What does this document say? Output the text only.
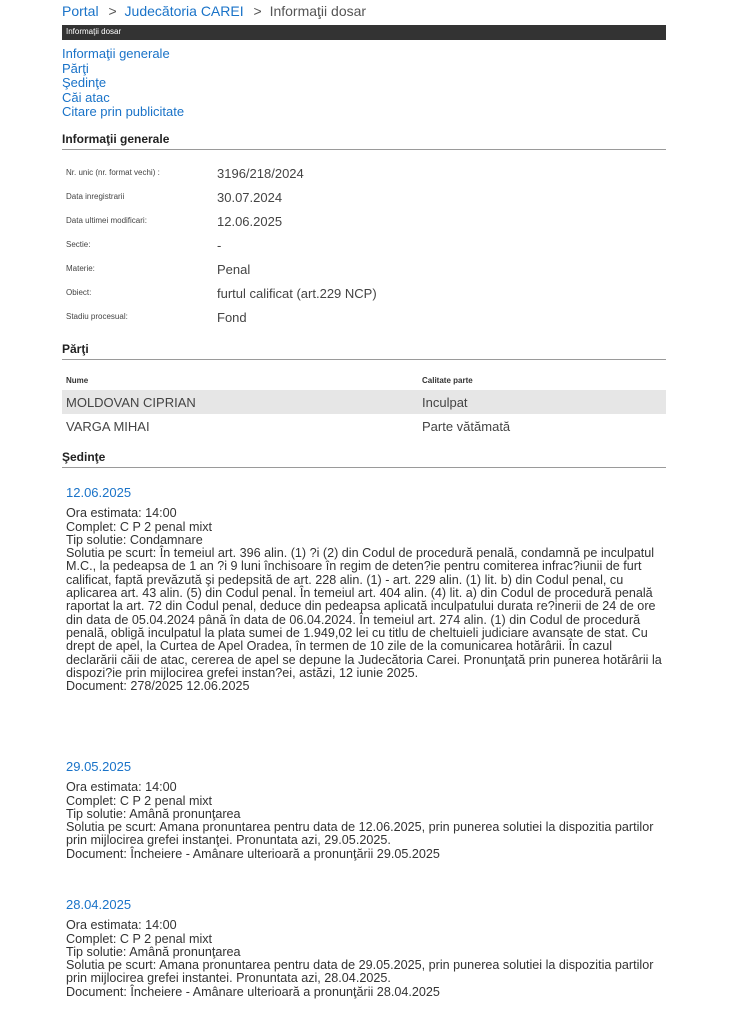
Portal > Judecătoria CAREI > Informaţii dosar
Informaţii dosar
Informaţii generale
Părţi
Şedinţe
Căi atac
Citare prin publicitate
Informaţii generale
Nr. unic (nr. format vechi) :	3196/218/2024
Data inregistrarii	30.07.2024
Data ultimei modificari:	12.06.2025
Sectie:	-
Materie:	Penal
Obiect:	furtul calificat (art.229 NCP)
Stadiu procesual:	Fond
Părţi
Nume	Calitate parte
MOLDOVAN CIPRIAN	Inculpat
VARGA MIHAI	Parte vătămată
Şedinţe
12.06.2025
Ora estimata: 14:00
Complet: C P 2 penal mixt
Tip solutie: Condamnare
Solutia pe scurt: În temeiul art. 396 alin. (1) ?i (2) din Codul de procedură penală, condamnă pe inculpatul M.C., la pedeapsa de 1 an ?i 9 luni închisoare în regim de deten?ie pentru comiterea infrac?iunii de furt calificat, faptă prevăzută şi pedepsită de art. 228 alin. (1) - art. 229 alin. (1) lit. b) din Codul penal, cu aplicarea art. 43 alin. (5) din Codul penal. În temeiul art. 404 alin. (4) lit. a) din Codul de procedură penală raportat la art. 72 din Codul penal, deduce din pedeapsa aplicată inculpatului durata re?inerii de 24 de ore din data de 05.04.2024 până în data de 06.04.2024. În temeiul art. 274 alin. (1) din Codul de procedură penală, obligă inculpatul la plata sumei de 1.949,02 lei cu titlu de cheltuieli judiciare avansate de stat. Cu drept de apel, la Curtea de Apel Oradea, în termen de 10 zile de la comunicarea hotărârii. În cazul declarării căii de atac, cererea de apel se depune la Judecătoria Carei. Pronunţată prin punerea hotărârii la dispozi?ie prin mijlocirea grefei instan?ei, astăzi, 12 iunie 2025.
Document: 278/2025 12.06.2025
29.05.2025
Ora estimata: 14:00
Complet: C P 2 penal mixt
Tip solutie: Amână pronunţarea
Solutia pe scurt: Amana pronuntarea pentru data de 12.06.2025, prin punerea solutiei la dispozitia partilor prin mijlocirea grefei instanţei. Pronuntata azi, 29.05.2025.
Document: Încheiere - Amânare ulterioară a pronunţării 29.05.2025
28.04.2025
Ora estimata: 14:00
Complet: C P 2 penal mixt
Tip solutie: Amână pronunţarea
Solutia pe scurt: Amana pronuntarea pentru data de 29.05.2025, prin punerea solutiei la dispozitia partilor prin mijlocirea grefei instantei. Pronuntata azi, 28.04.2025.
Document: Încheiere - Amânare ulterioară a pronunţării 28.04.2025
